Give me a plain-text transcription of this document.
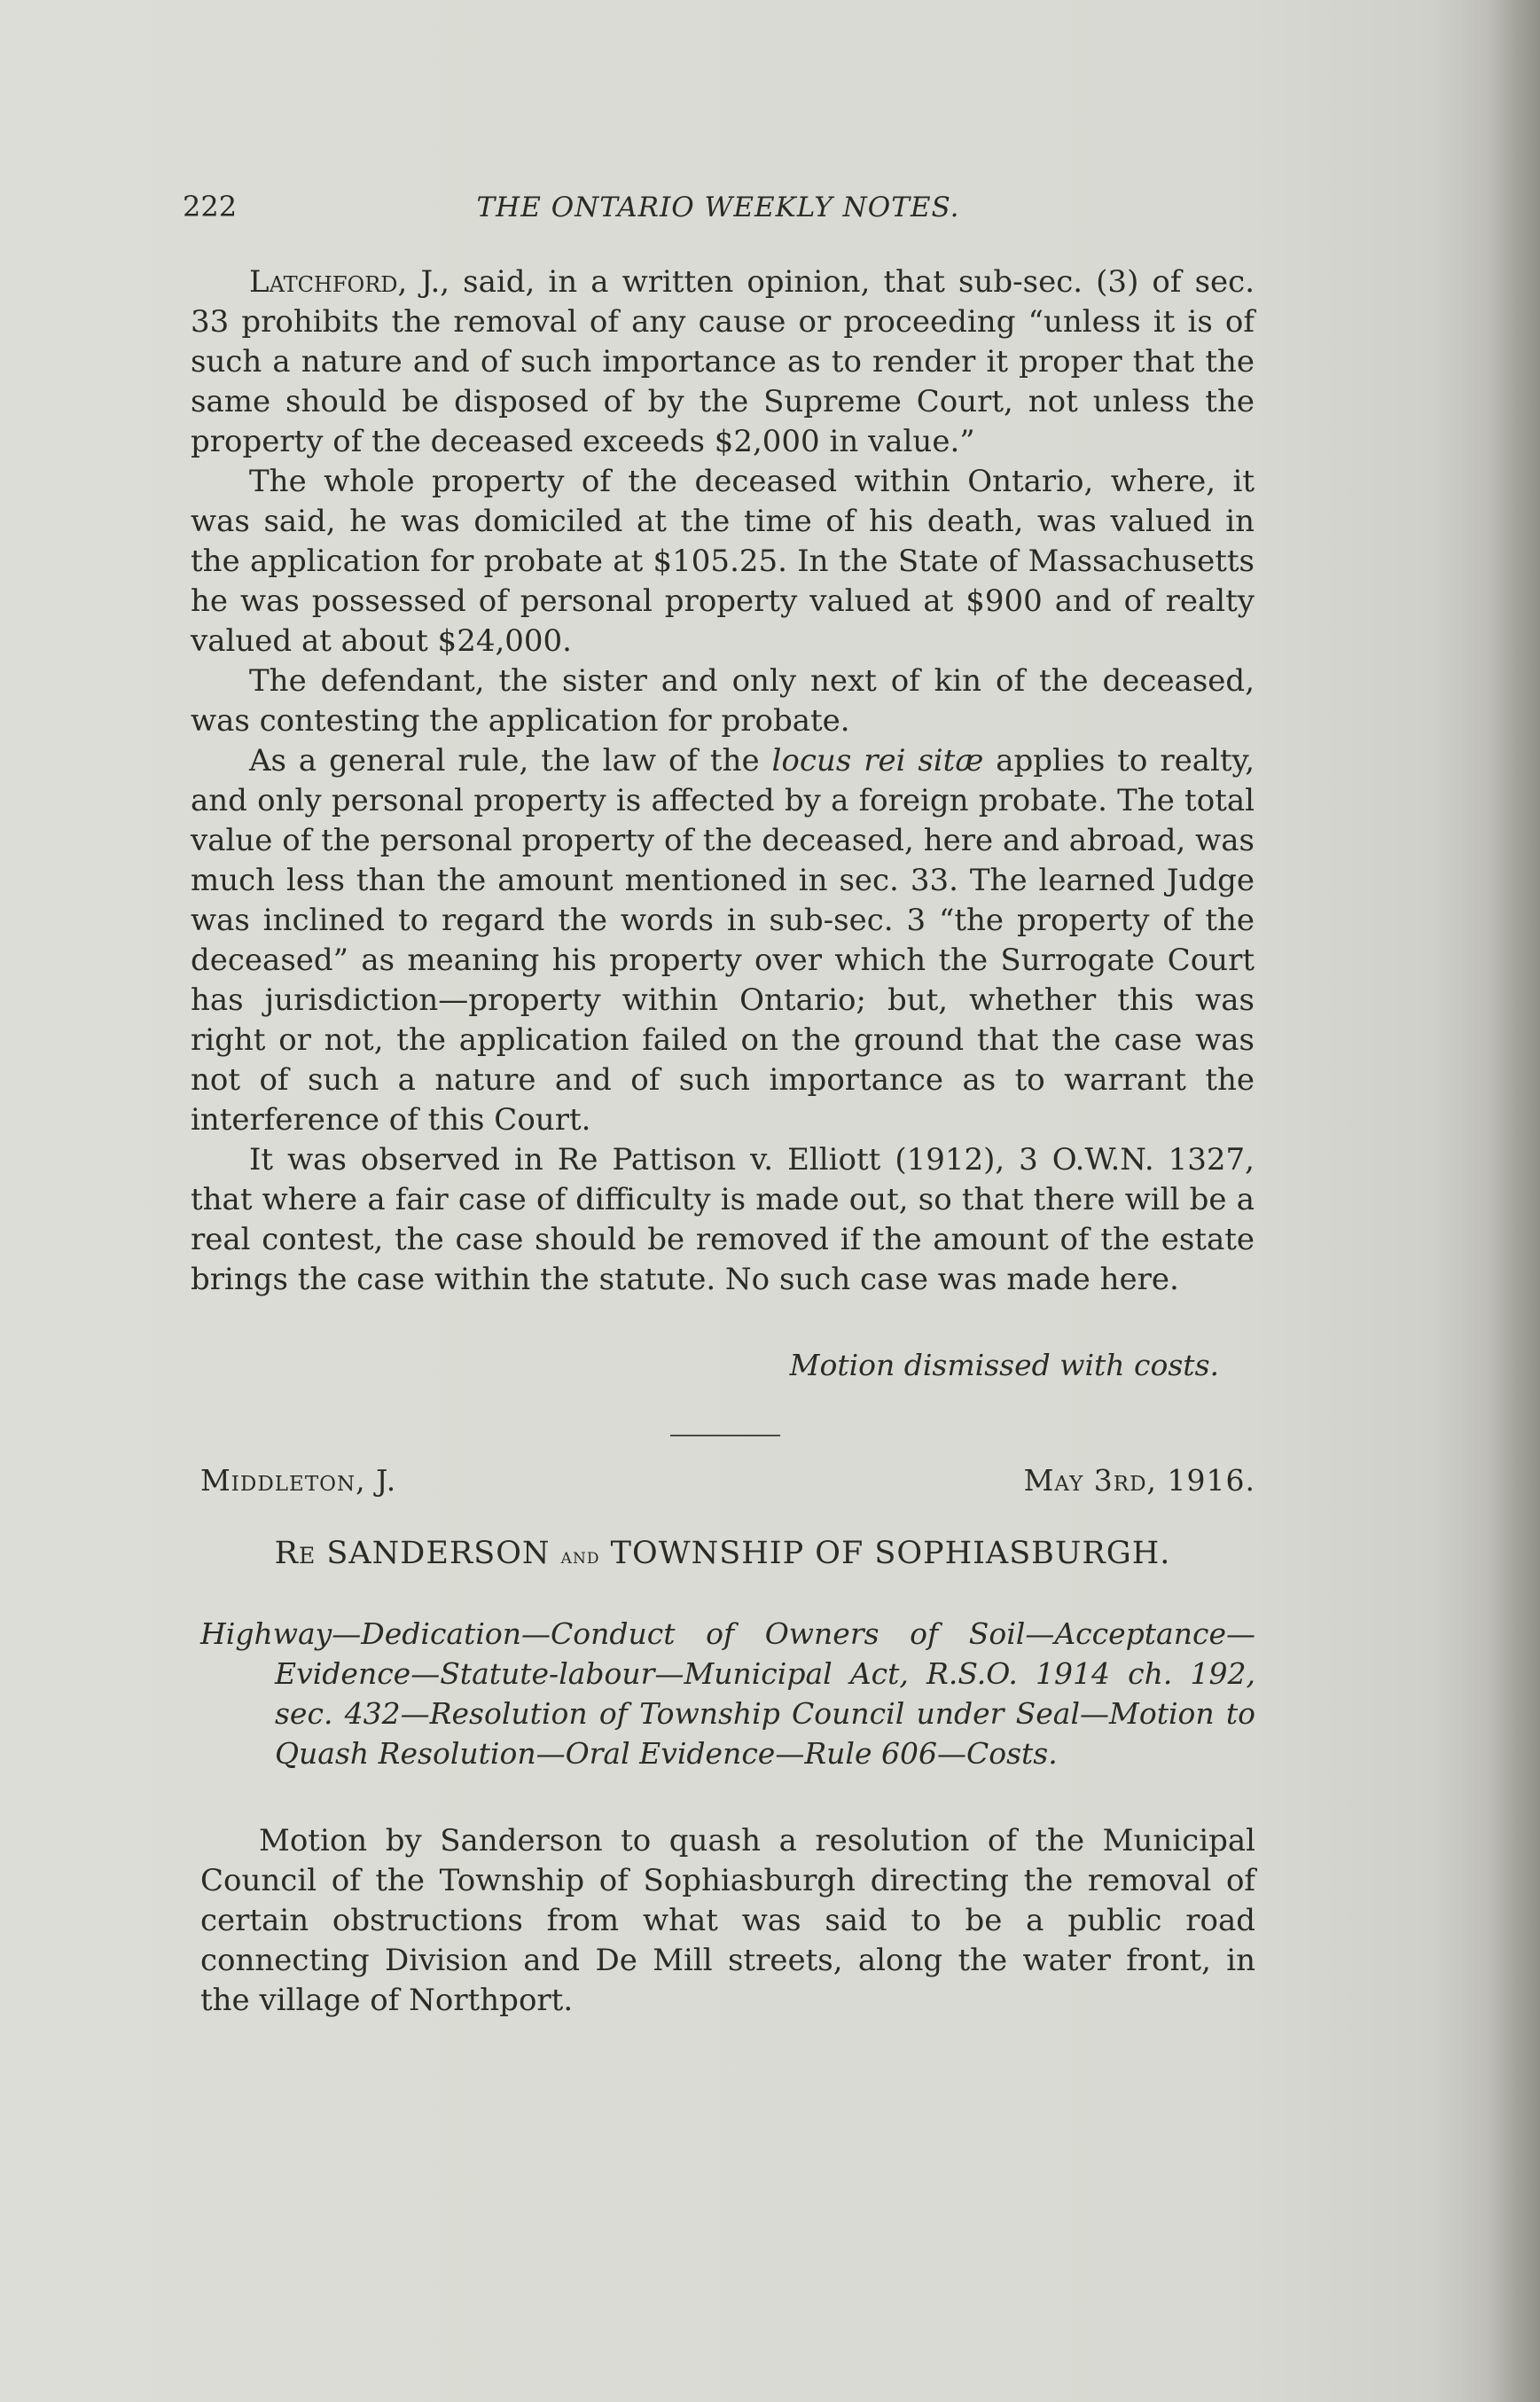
222	THE ONTARIO WEEKLY NOTES.

Latchford, J., said, in a written opinion, that sub-sec. (3) of sec. 33 prohibits the removal of any cause or proceeding “unless it is of such a nature and of such importance as to render it proper that the same should be disposed of by the Supreme Court, not unless the property of the deceased exceeds $2,000 in value.”

The whole property of the deceased within Ontario, where, it was said, he was domiciled at the time of his death, was valued in the application for probate at $105.25. In the State of Massachusetts he was possessed of personal property valued at $900 and of realty valued at about $24,000.

The defendant, the sister and only next of kin of the deceased, was contesting the application for probate.

As a general rule, the law of the locus rei sitæ applies to realty, and only personal property is affected by a foreign probate. The total value of the personal property of the deceased, here and abroad, was much less than the amount mentioned in sec. 33. The learned Judge was inclined to regard the words in sub-sec. 3 “the property of the deceased” as meaning his property over which the Surrogate Court has jurisdiction—property within Ontario; but, whether this was right or not, the application failed on the ground that the case was not of such a nature and of such importance as to warrant the interference of this Court.

It was observed in Re Pattison v. Elliott (1912), 3 O.W.N. 1327, that where a fair case of difficulty is made out, so that there will be a real contest, the case should be removed if the amount of the estate brings the case within the statute. No such case was made here.

Motion dismissed with costs.
Middleton, J.	May 3rd, 1916.
Re SANDERSON and TOWNSHIP OF SOPHIASBURGH.
Highway—Dedication—Conduct of Owners of Soil—Acceptance—Evidence—Statute-labour—Municipal Act, R.S.O. 1914 ch. 192, sec. 432—Resolution of Township Council under Seal—Motion to Quash Resolution—Oral Evidence—Rule 606—Costs.
Motion by Sanderson to quash a resolution of the Municipal Council of the Township of Sophiasburgh directing the removal of certain obstructions from what was said to be a public road connecting Division and De Mill streets, along the water front, in the village of Northport.
